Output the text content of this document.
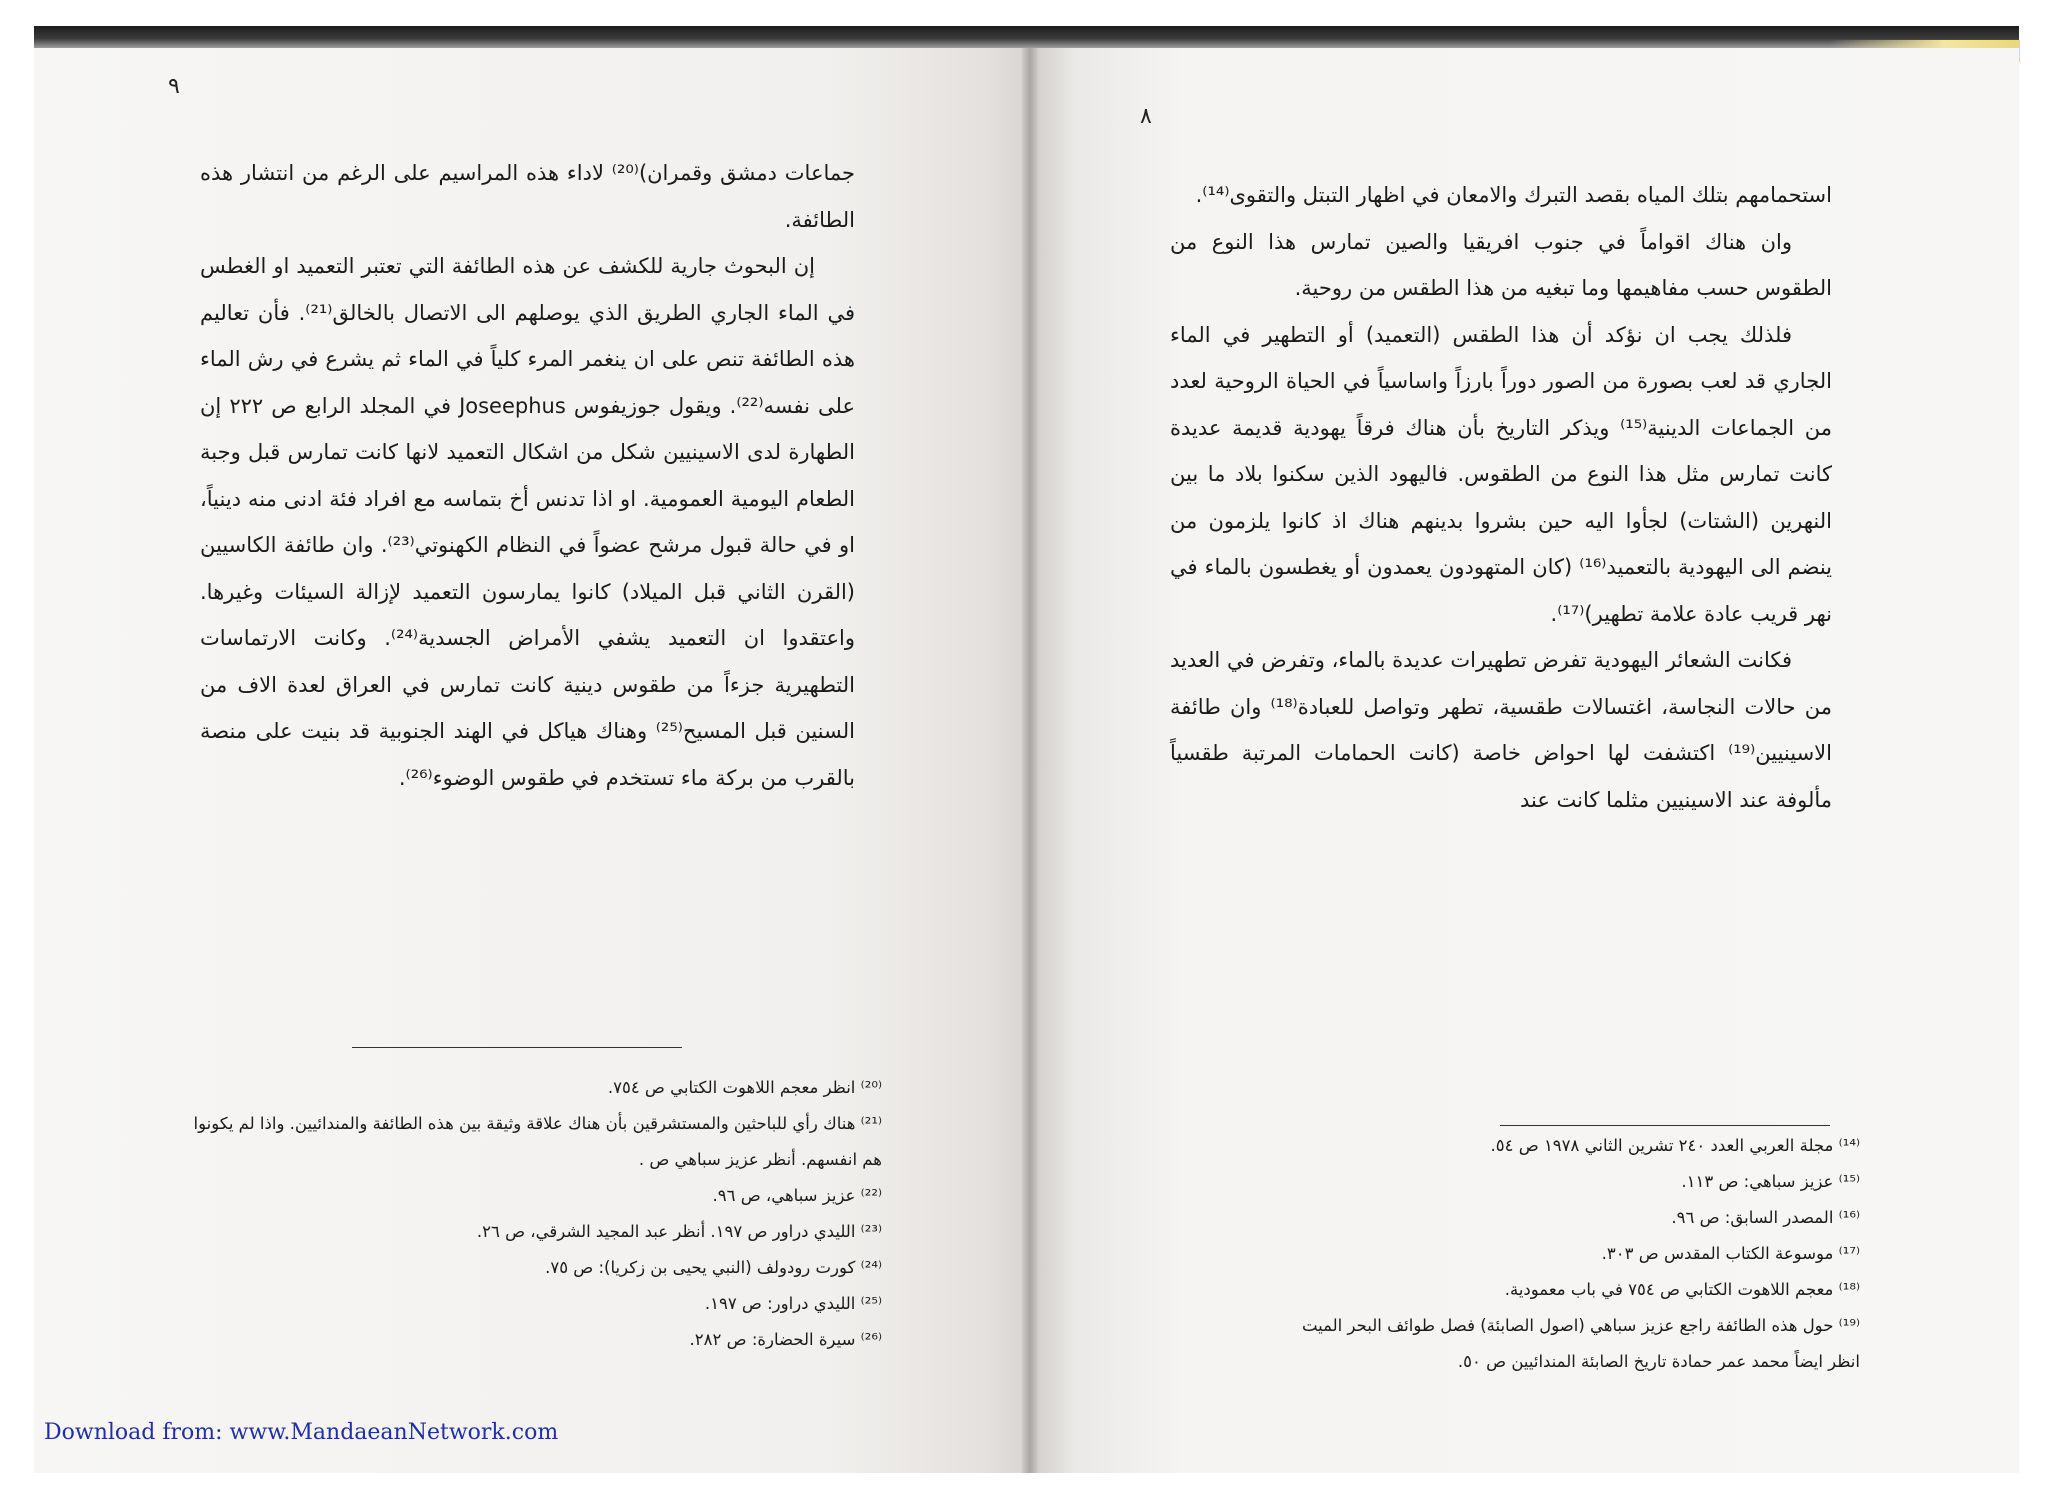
٩

جماعات دمشق وقمران)⁽²⁰⁾ لاداء هذه المراسيم على الرغم من انتشار هذه الطائفة.

إن البحوث جارية للكشف عن هذه الطائفة التي تعتبر التعميد او الغطس في الماء الجاري الطريق الذي يوصلهم الى الاتصال بالخالق⁽²¹⁾. فأن تعاليم هذه الطائفة تنص على ان ينغمر المرء كلياً في الماء ثم يشرع في رش الماء على نفسه⁽²²⁾. ويقول جوزيفوس Joseephus في المجلد الرابع ص ٢٢٢ إن الطهارة لدى الاسينيين شكل من اشكال التعميد لانها كانت تمارس قبل وجبة الطعام اليومية العمومية. او اذا تدنس أخ بتماسه مع افراد فئة ادنى منه دينياً، او في حالة قبول مرشح عضواً في النظام الكهنوتي⁽²³⁾. وان طائفة الكاسيين (القرن الثاني قبل الميلاد) كانوا يمارسون التعميد لإزالة السيئات وغيرها. واعتقدوا ان التعميد يشفي الأمراض الجسدية⁽²⁴⁾. وكانت الارتماسات التطهيرية جزءاً من طقوس دينية كانت تمارس في العراق لعدة الاف من السنين قبل المسيح⁽²⁵⁾ وهناك هياكل في الهند الجنوبية قد بنيت على منصة بالقرب من بركة ماء تستخدم في طقوس الوضوء⁽²⁶⁾.

⁽²⁰⁾ انظر معجم اللاهوت الكتابي ص ٧٥٤.
⁽²¹⁾ هناك رأي للباحثين والمستشرقين بأن هناك علاقة وثيقة بين هذه الطائفة والمندائيين. واذا لم يكونوا هم انفسهم. أنظر عزيز سباهي ص .
⁽²²⁾ عزيز سباهي، ص ٩٦.
⁽²³⁾ الليدي دراور ص ١٩٧. أنظر عبد المجيد الشرقي، ص ٢٦.
⁽²⁴⁾ كورت رودولف (النبي يحيى بن زكريا): ص ٧٥.
⁽²⁵⁾ الليدي دراور: ص ١٩٧.
⁽²⁶⁾ سيرة الحضارة: ص ٢٨٢.
٨

استحمامهم بتلك المياه بقصد التبرك والامعان في اظهار التبتل والتقوى⁽¹⁴⁾.

وان هناك اقواماً في جنوب افريقيا والصين تمارس هذا النوع من الطقوس حسب مفاهيمها وما تبغيه من هذا الطقس من روحية.

فلذلك يجب ان نؤكد أن هذا الطقس (التعميد) أو التطهير في الماء الجاري قد لعب بصورة من الصور دوراً بارزاً واساسياً في الحياة الروحية لعدد من الجماعات الدينية⁽¹⁵⁾ ويذكر التاريخ بأن هناك فرقاً يهودية قديمة عديدة كانت تمارس مثل هذا النوع من الطقوس. فاليهود الذين سكنوا بلاد ما بين النهرين (الشتات) لجأوا اليه حين بشروا بدينهم هناك اذ كانوا يلزمون من ينضم الى اليهودية بالتعميد⁽¹⁶⁾ (كان المتهودون يعمدون أو يغطسون بالماء في نهر قريب عادة علامة تطهير)⁽¹⁷⁾.

فكانت الشعائر اليهودية تفرض تطهيرات عديدة بالماء، وتفرض في العديد من حالات النجاسة، اغتسالات طقسية، تطهر وتواصل للعبادة⁽¹⁸⁾ وان طائفة الاسينيين⁽¹⁹⁾ اكتشفت لها احواض خاصة (كانت الحمامات المرتبة طقسياً مألوفة عند الاسينيين مثلما كانت عند

⁽¹⁴⁾ مجلة العربي العدد ٢٤٠ تشرين الثاني ١٩٧٨ ص ٥٤.
⁽¹⁵⁾ عزيز سباهي: ص ١١٣.
⁽¹⁶⁾ المصدر السابق: ص ٩٦.
⁽¹⁷⁾ موسوعة الكتاب المقدس ص ٣٠٣.
⁽¹⁸⁾ معجم اللاهوت الكتابي ص ٧٥٤ في باب معمودية.
⁽¹⁹⁾ حول هذه الطائفة راجع عزيز سباهي (اصول الصابئة) فصل طوائف البحر الميت انظر ايضاً محمد عمر حمادة تاريخ الصابئة المندائيين ص ٥٠.
Download from: www.MandaeanNetwork.com
